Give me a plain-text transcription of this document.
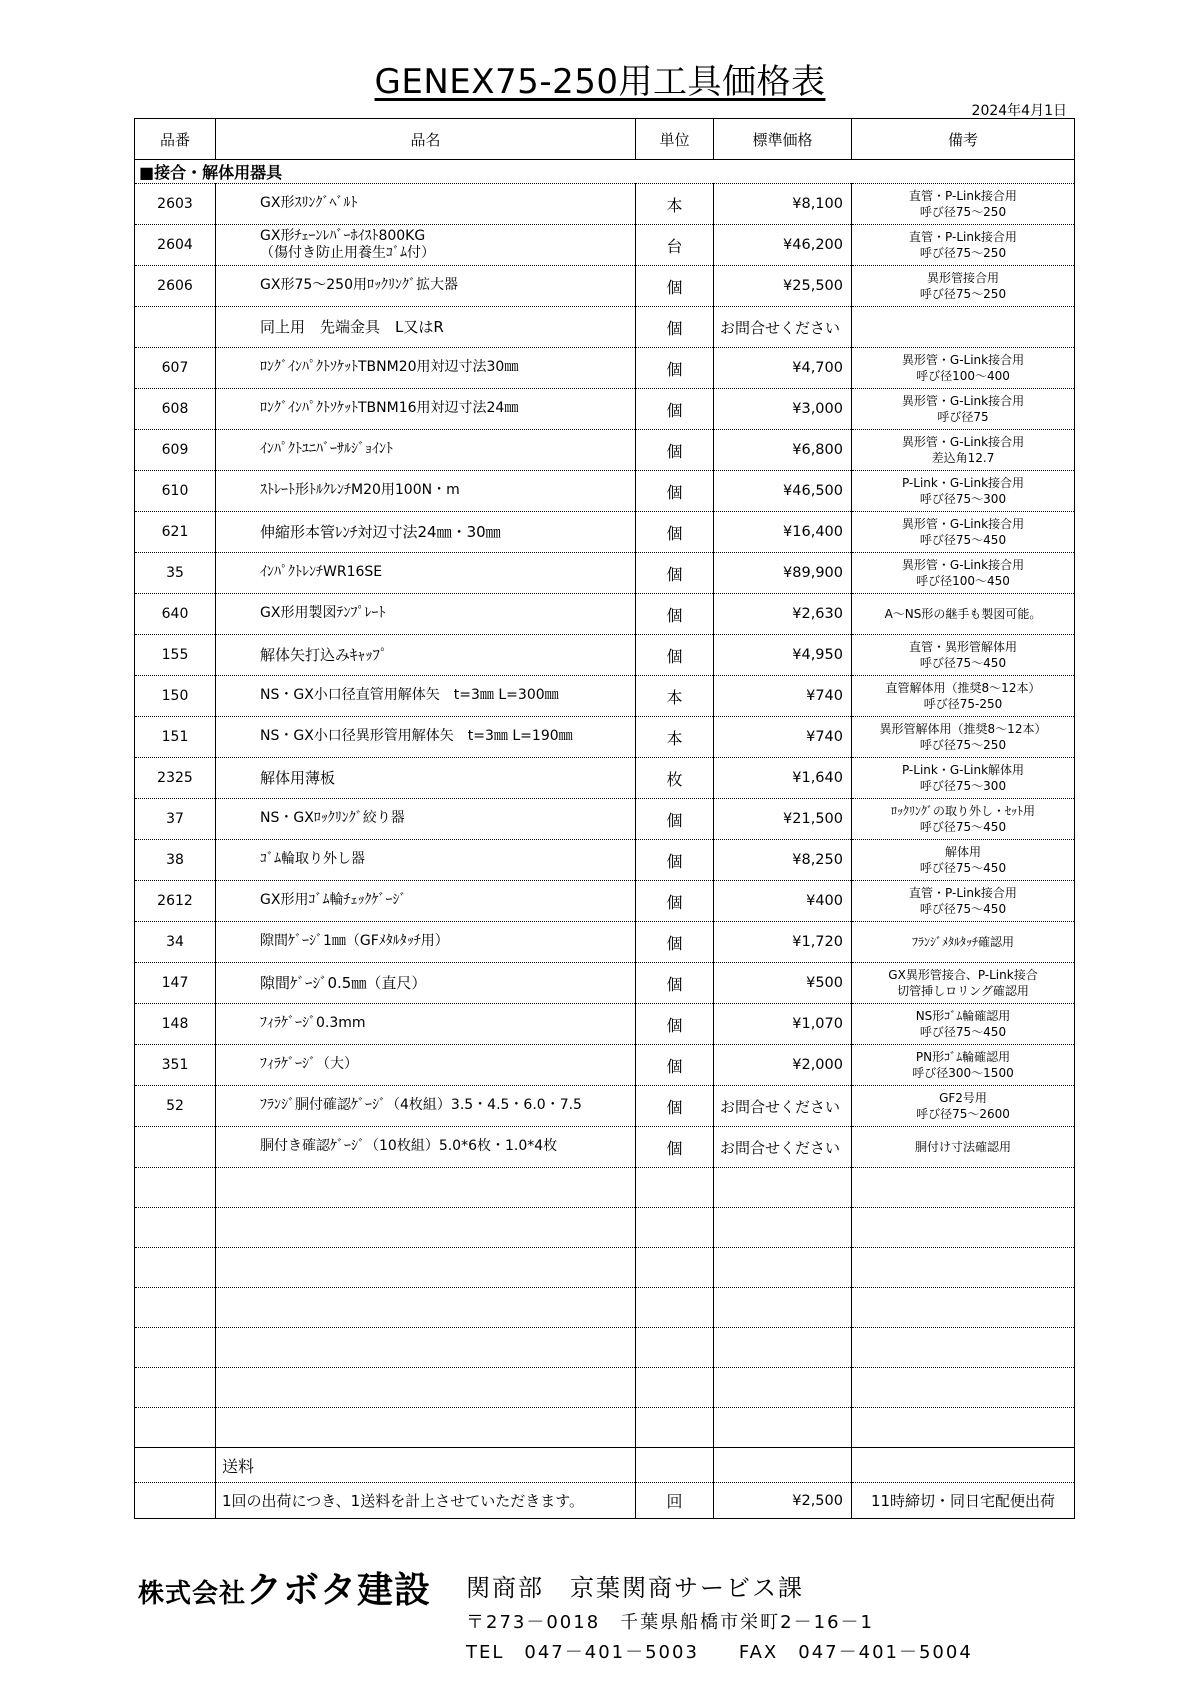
GENEX75-250用工具価格表
2024年4月1日
品番	品名	単位	標準価格	備考
■接合・解体用器具				
2603	GX形ｽﾘﾝｸﾞﾍﾞﾙﾄ	本	¥8,100	直管・P-Link接合用
呼び径75～250
2604	GX形ﾁｪｰﾝﾚﾊﾞｰﾎｲｽﾄ800KG
（傷付き防止用養生ｺﾞﾑ付）	台	¥46,200	直管・P-Link接合用
呼び径75～250
2606	GX形75～250用ﾛｯｸﾘﾝｸﾞ拡大器	個	¥25,500	異形管接合用
呼び径75～250
	同上用　先端金具　L又はR	個	お問合せください	
607	ﾛﾝｸﾞｲﾝﾊﾟｸﾄｿｹｯﾄTBNM20用対辺寸法30㎜	個	¥4,700	異形管・G-Link接合用
呼び径100～400
608	ﾛﾝｸﾞｲﾝﾊﾟｸﾄｿｹｯﾄTBNM16用対辺寸法24㎜	個	¥3,000	異形管・G-Link接合用
呼び径75
609	ｲﾝﾊﾟｸﾄﾕﾆﾊﾞｰｻﾙｼﾞｮｲﾝﾄ	個	¥6,800	異形管・G-Link接合用
差込角12.7
610	ｽﾄﾚｰﾄ形ﾄﾙｸﾚﾝﾁM20用100N・m	個	¥46,500	P-Link・G-Link接合用
呼び径75～300
621	伸縮形本管ﾚﾝﾁ対辺寸法24㎜・30㎜	個	¥16,400	異形管・G-Link接合用
呼び径75～450
35	ｲﾝﾊﾟｸﾄﾚﾝﾁWR16SE	個	¥89,900	異形管・G-Link接合用
呼び径100～450
640	GX形用製図ﾃﾝﾌﾟﾚｰﾄ	個	¥2,630	A～NS形の継手も製図可能。
155	解体矢打込みｷｬｯﾌﾟ	個	¥4,950	直管・異形管解体用
呼び径75～450
150	NS・GX小口径直管用解体矢　t=3㎜ L=300㎜	本	¥740	直管解体用（推奨8～12本）
呼び径75-250
151	NS・GX小口径異形管用解体矢　t=3㎜ L=190㎜	本	¥740	異形管解体用（推奨8～12本）
呼び径75～250
2325	解体用薄板	枚	¥1,640	P-Link・G-Link解体用
呼び径75～300
37	NS・GXﾛｯｸﾘﾝｸﾞ絞り器	個	¥21,500	ﾛｯｸﾘﾝｸﾞの取り外し・ｾｯﾄ用
呼び径75～450
38	ｺﾞﾑ輪取り外し器	個	¥8,250	解体用
呼び径75～450
2612	GX形用ｺﾞﾑ輪ﾁｪｯｸｹﾞｰｼﾞ	個	¥400	直管・P-Link接合用
呼び径75～450
34	隙間ｹﾞｰｼﾞ1㎜（GFﾒﾀﾙﾀｯﾁ用）	個	¥1,720	ﾌﾗﾝｼﾞﾒﾀﾙﾀｯﾁ確認用
147	隙間ｹﾞｰｼﾞ0.5㎜（直尺）	個	¥500	GX異形管接合、P-Link接合
切管挿しロリング確認用
148	ﾌｨﾗｹﾞｰｼﾞ0.3mm	個	¥1,070	NS形ｺﾞﾑ輪確認用
呼び径75～450
351	ﾌｨﾗｹﾞｰｼﾞ（大）	個	¥2,000	PN形ｺﾞﾑ輪確認用
呼び径300～1500
52	ﾌﾗﾝｼﾞ胴付確認ｹﾞｰｼﾞ（4枚組）3.5・4.5・6.0・7.5	個	お問合せください	GF2号用
呼び径75～2600
	胴付き確認ｹﾞｰｼﾞ（10枚組）5.0*6枚・1.0*4枚	個	お問合せください	胴付け寸法確認用

	送料			
	1回の出荷につき、1送料を計上させていただきます。	回	¥2,500	11時締切・同日宅配便出荷
株式会社クボタ建設 関商部　京葉関商サービス課
〒273－0018　千葉県船橋市栄町2－16－1
TEL　047－401－5003　　FAX　047－401－5004
